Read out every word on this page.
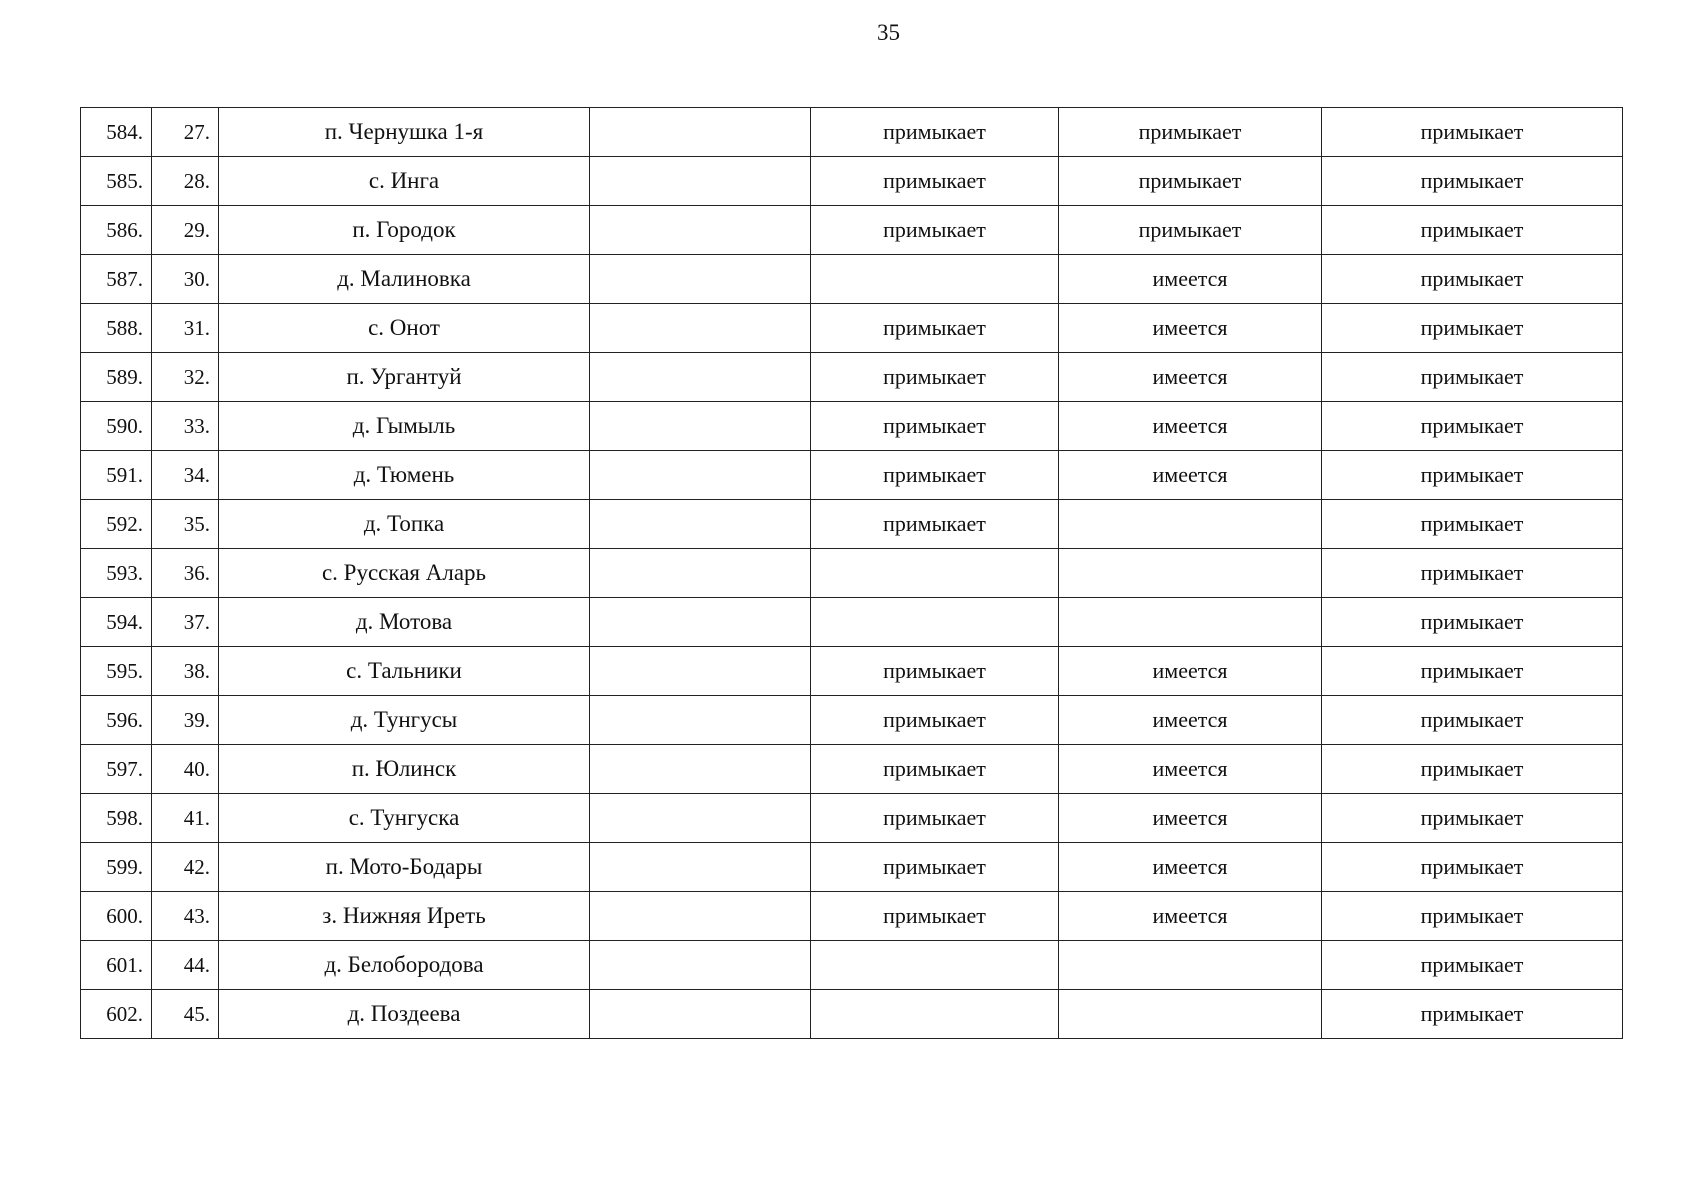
35
584.	27.	п. Чернушка 1-я		примыкает	примыкает	примыкает
585.	28.	с. Инга		примыкает	примыкает	примыкает
586.	29.	п. Городок		примыкает	примыкает	примыкает
587.	30.	д. Малиновка			имеется	примыкает
588.	31.	с. Онот		примыкает	имеется	примыкает
589.	32.	п. Ургантуй		примыкает	имеется	примыкает
590.	33.	д. Гымыль		примыкает	имеется	примыкает
591.	34.	д. Тюмень		примыкает	имеется	примыкает
592.	35.	д. Топка		примыкает		примыкает
593.	36.	с. Русская Аларь				примыкает
594.	37.	д. Мотова				примыкает
595.	38.	с. Тальники		примыкает	имеется	примыкает
596.	39.	д. Тунгусы		примыкает	имеется	примыкает
597.	40.	п. Юлинск		примыкает	имеется	примыкает
598.	41.	с. Тунгуска		примыкает	имеется	примыкает
599.	42.	п. Мото-Бодары		примыкает	имеется	примыкает
600.	43.	з. Нижняя Иреть		примыкает	имеется	примыкает
601.	44.	д. Белобородова				примыкает
602.	45.	д. Поздеева				примыкает
